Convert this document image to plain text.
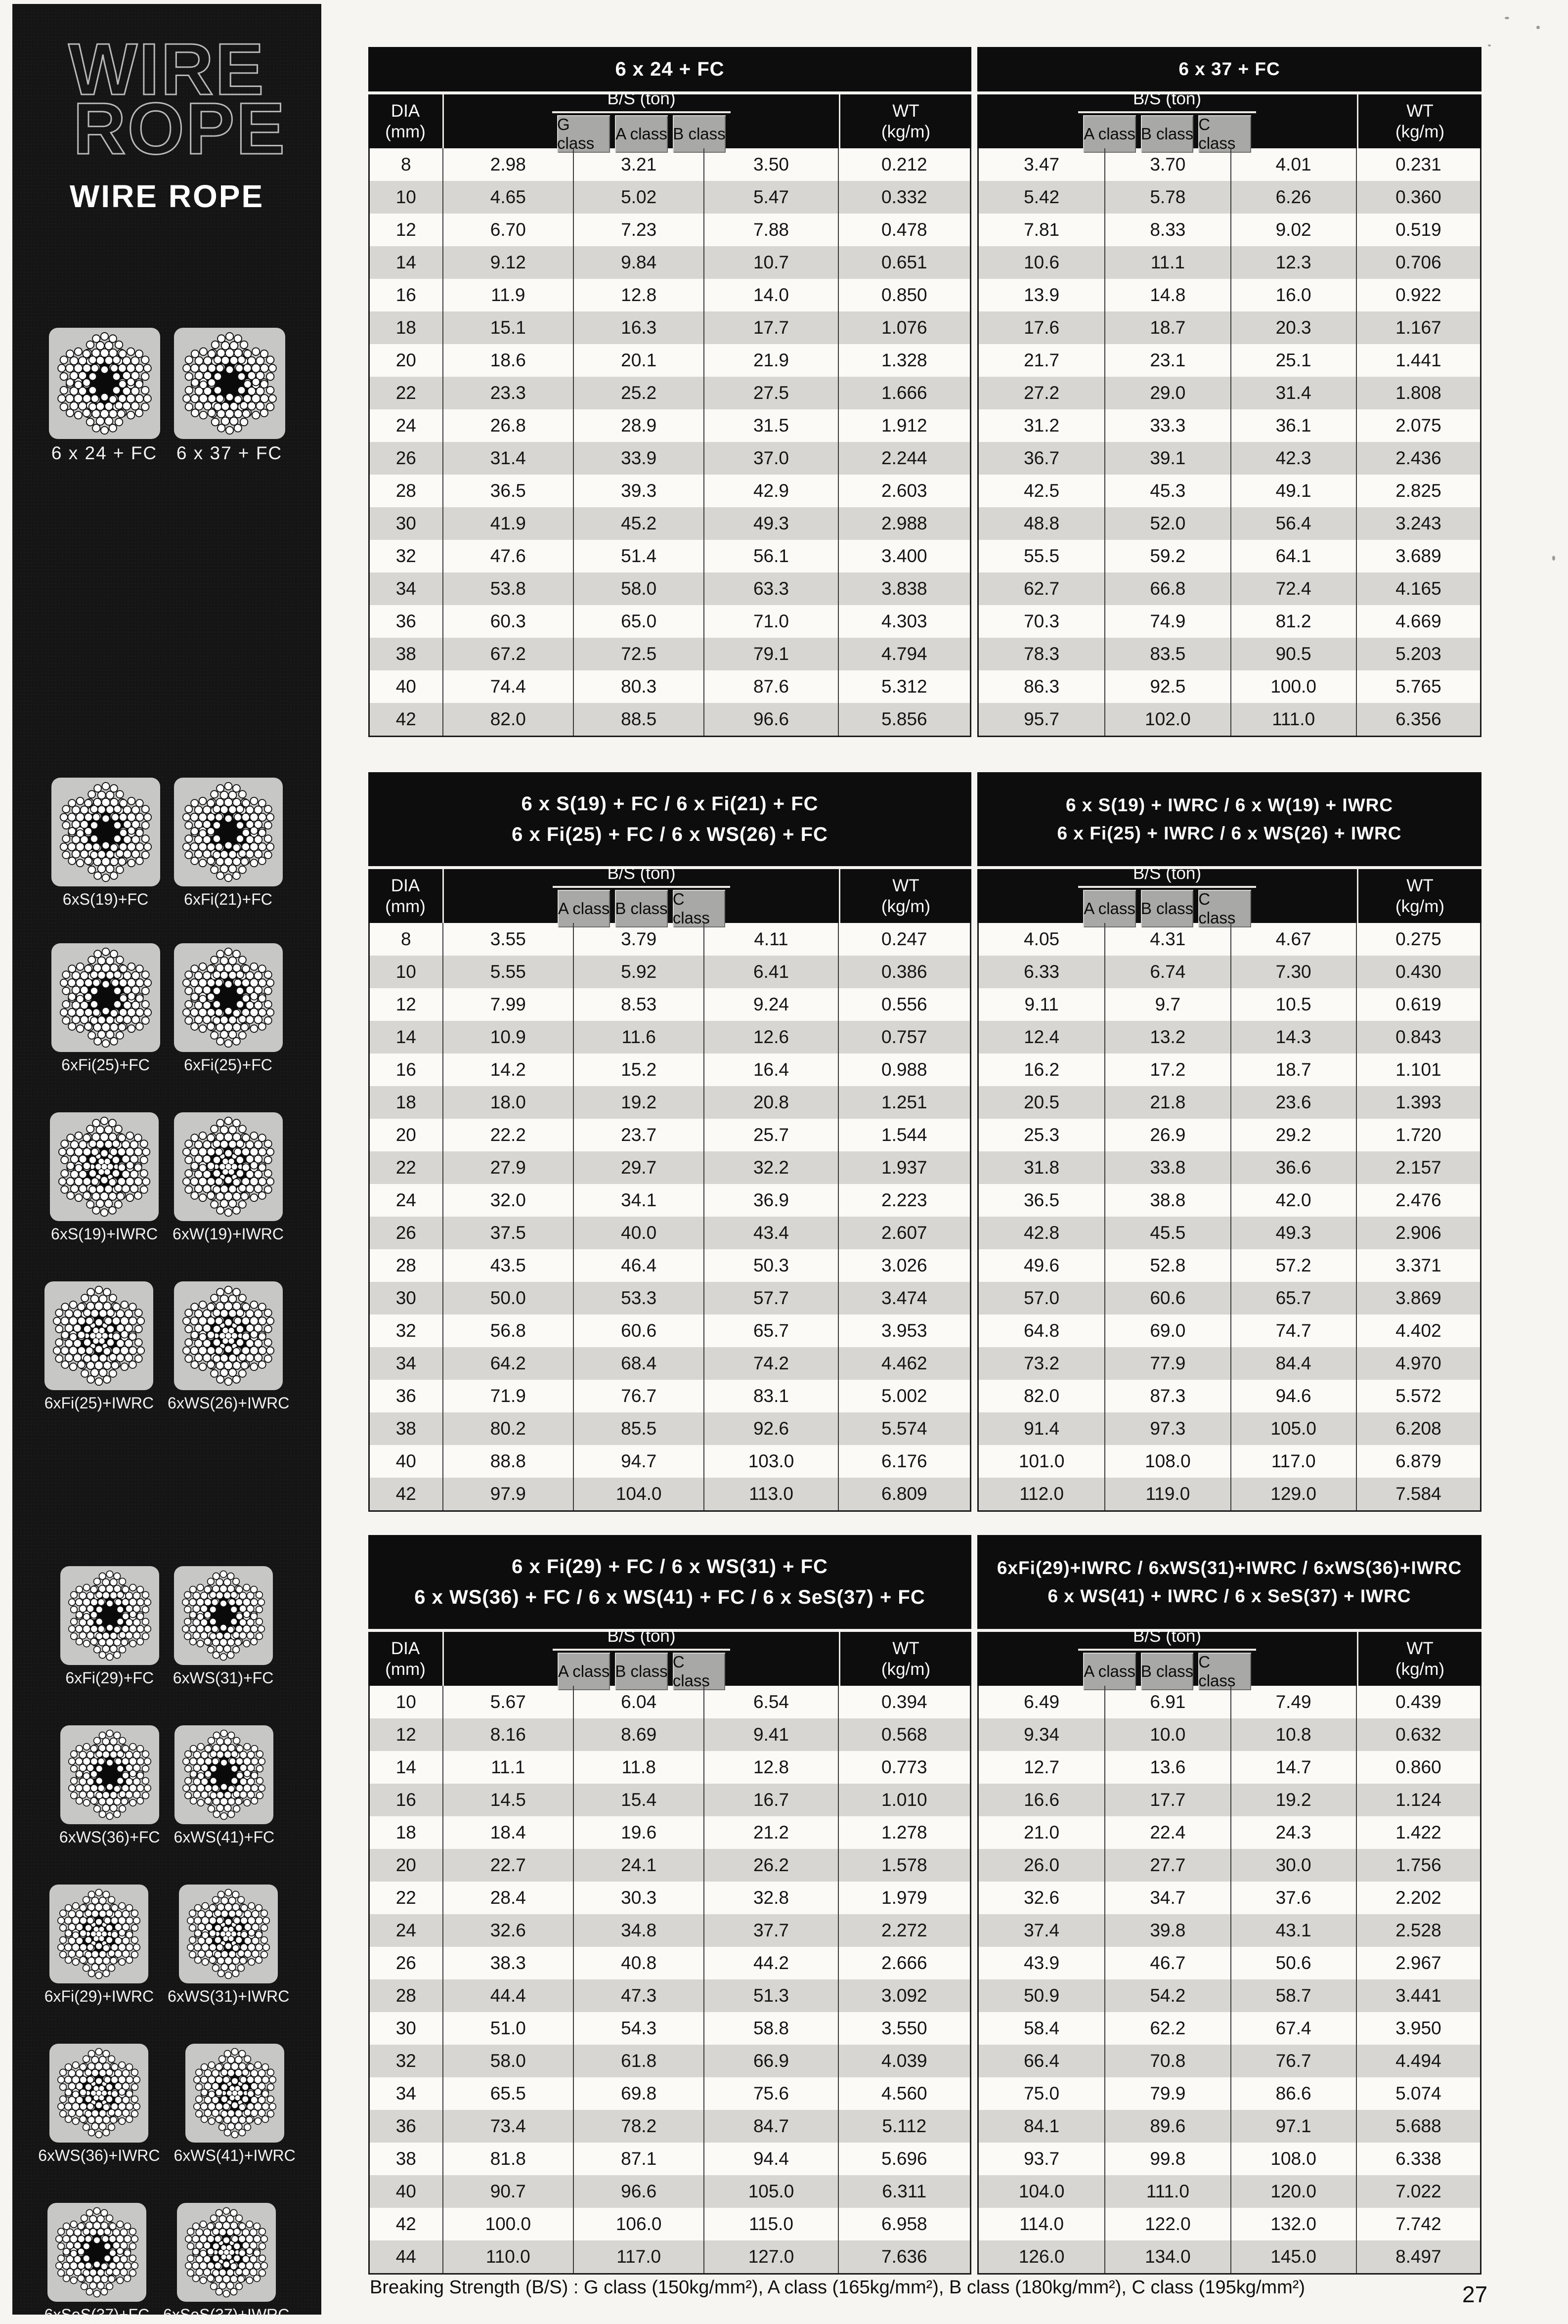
WIRE
ROPE
WIRE ROPE
6 x 24 + FC 6 x 37 + FC
6xS(19)+FC 6xFi(21)+FC
6xFi(25)+FC 6xFi(25)+FC
6xS(19)+IWRC 6xW(19)+IWRC
6xFi(25)+IWRC 6xWS(26)+IWRC
6xFi(29)+FC 6xWS(31)+FC
6xWS(36)+FC 6xWS(41)+FC
6xFi(29)+IWRC 6xWS(31)+IWRC
6xWS(36)+IWRC 6xWS(41)+IWRC
6xSeS(37)+FC 6xSeS(37)+IWRC
6 x 24 + FC
DIA
(mm)
B/S (ton)
G class
A class B class
WT
(kg/m)
8	2.98	3.21	3.50	0.212
10	4.65	5.02	5.47	0.332
12	6.70	7.23	7.88	0.478
14	9.12	9.84	10.7	0.651
16	11.9	12.8	14.0	0.850
18	15.1	16.3	17.7	1.076
20	18.6	20.1	21.9	1.328
22	23.3	25.2	27.5	1.666
24	26.8	28.9	31.5	1.912
26	31.4	33.9	37.0	2.244
28	36.5	39.3	42.9	2.603
30	41.9	45.2	49.3	2.988
32	47.6	51.4	56.1	3.400
34	53.8	58.0	63.3	3.838
36	60.3	65.0	71.0	4.303
38	67.2	72.5	79.1	4.794
40	74.4	80.3	87.6	5.312
42	82.0	88.5	96.6	5.856
6 x 37 + FC
B/S (ton)
A class B class
C class
WT
(kg/m)
3.47	3.70	4.01	0.231
5.42	5.78	6.26	0.360
7.81	8.33	9.02	0.519
10.6	11.1	12.3	0.706
13.9	14.8	16.0	0.922
17.6	18.7	20.3	1.167
21.7	23.1	25.1	1.441
27.2	29.0	31.4	1.808
31.2	33.3	36.1	2.075
36.7	39.1	42.3	2.436
42.5	45.3	49.1	2.825
48.8	52.0	56.4	3.243
55.5	59.2	64.1	3.689
62.7	66.8	72.4	4.165
70.3	74.9	81.2	4.669
78.3	83.5	90.5	5.203
86.3	92.5	100.0	5.765
95.7	102.0	111.0	6.356
6 x S(19) + FC / 6 x Fi(21) + FC
6 x Fi(25) + FC / 6 x WS(26) + FC
DIA
(mm)
B/S (ton)
A class B class
C class
WT
(kg/m)
8	3.55	3.79	4.11	0.247
10	5.55	5.92	6.41	0.386
12	7.99	8.53	9.24	0.556
14	10.9	11.6	12.6	0.757
16	14.2	15.2	16.4	0.988
18	18.0	19.2	20.8	1.251
20	22.2	23.7	25.7	1.544
22	27.9	29.7	32.2	1.937
24	32.0	34.1	36.9	2.223
26	37.5	40.0	43.4	2.607
28	43.5	46.4	50.3	3.026
30	50.0	53.3	57.7	3.474
32	56.8	60.6	65.7	3.953
34	64.2	68.4	74.2	4.462
36	71.9	76.7	83.1	5.002
38	80.2	85.5	92.6	5.574
40	88.8	94.7	103.0	6.176
42	97.9	104.0	113.0	6.809
6 x S(19) + IWRC / 6 x W(19) + IWRC
6 x Fi(25) + IWRC / 6 x WS(26) + IWRC
B/S (ton)
A class B class
C class
WT
(kg/m)
4.05	4.31	4.67	0.275
6.33	6.74	7.30	0.430
9.11	9.7	10.5	0.619
12.4	13.2	14.3	0.843
16.2	17.2	18.7	1.101
20.5	21.8	23.6	1.393
25.3	26.9	29.2	1.720
31.8	33.8	36.6	2.157
36.5	38.8	42.0	2.476
42.8	45.5	49.3	2.906
49.6	52.8	57.2	3.371
57.0	60.6	65.7	3.869
64.8	69.0	74.7	4.402
73.2	77.9	84.4	4.970
82.0	87.3	94.6	5.572
91.4	97.3	105.0	6.208
101.0	108.0	117.0	6.879
112.0	119.0	129.0	7.584
6 x Fi(29) + FC / 6 x WS(31) + FC
6 x WS(36) + FC / 6 x WS(41) + FC / 6 x SeS(37) + FC
DIA
(mm)
B/S (ton)
A class B class
C class
WT
(kg/m)
10	5.67	6.04	6.54	0.394
12	8.16	8.69	9.41	0.568
14	11.1	11.8	12.8	0.773
16	14.5	15.4	16.7	1.010
18	18.4	19.6	21.2	1.278
20	22.7	24.1	26.2	1.578
22	28.4	30.3	32.8	1.979
24	32.6	34.8	37.7	2.272
26	38.3	40.8	44.2	2.666
28	44.4	47.3	51.3	3.092
30	51.0	54.3	58.8	3.550
32	58.0	61.8	66.9	4.039
34	65.5	69.8	75.6	4.560
36	73.4	78.2	84.7	5.112
38	81.8	87.1	94.4	5.696
40	90.7	96.6	105.0	6.311
42	100.0	106.0	115.0	6.958
44	110.0	117.0	127.0	7.636
6xFi(29)+IWRC / 6xWS(31)+IWRC / 6xWS(36)+IWRC
6 x WS(41) + IWRC / 6 x SeS(37) + IWRC
B/S (ton)
A class B class
C class
WT
(kg/m)
6.49	6.91	7.49	0.439
9.34	10.0	10.8	0.632
12.7	13.6	14.7	0.860
16.6	17.7	19.2	1.124
21.0	22.4	24.3	1.422
26.0	27.7	30.0	1.756
32.6	34.7	37.6	2.202
37.4	39.8	43.1	2.528
43.9	46.7	50.6	2.967
50.9	54.2	58.7	3.441
58.4	62.2	67.4	3.950
66.4	70.8	76.7	4.494
75.0	79.9	86.6	5.074
84.1	89.6	97.1	5.688
93.7	99.8	108.0	6.338
104.0	111.0	120.0	7.022
114.0	122.0	132.0	7.742
126.0	134.0	145.0	8.497
Breaking Strength (B/S) : G class (150kg/mm²), A class (165kg/mm²), B class (180kg/mm²), C class (195kg/mm²)	27
